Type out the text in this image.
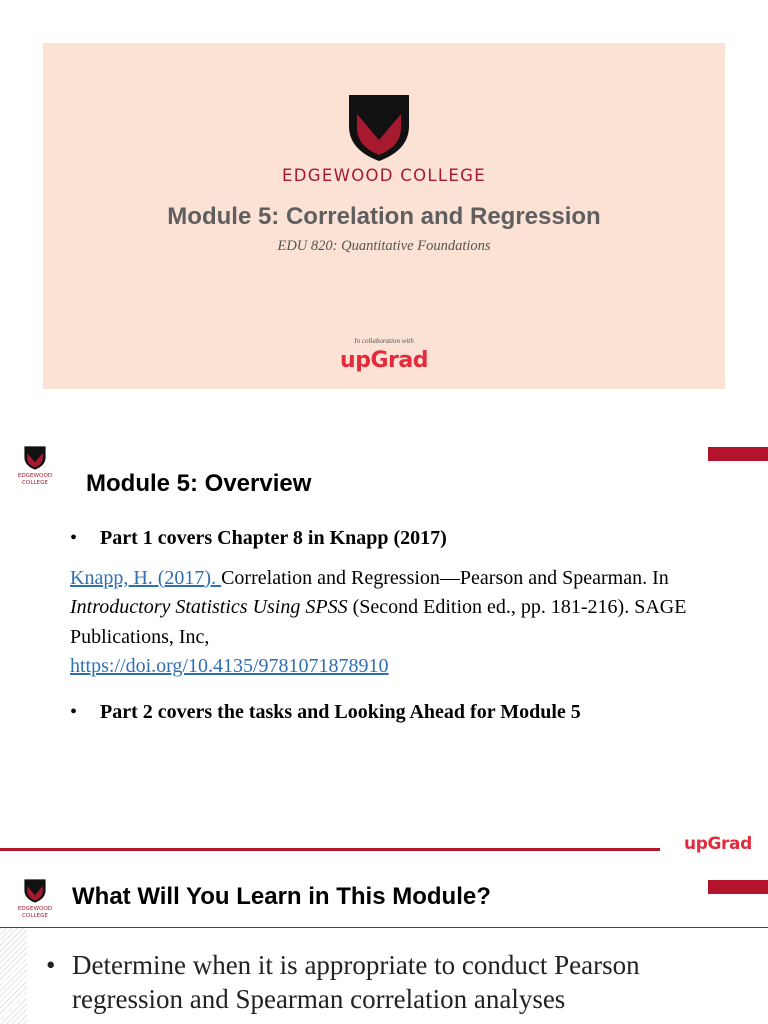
EDGEWOOD COLLEGE
Module 5: Correlation and Regression
EDU 820: Quantitative Foundations
In collaboration with
upGrad
EDGEWOOD
COLLEGE	Module 5: Overview
• Part 1 covers Chapter 8 in Knapp (2017)
Knapp, H. (2017). Correlation and Regression—Pearson and Spearman. In Introductory Statistics Using SPSS (Second Edition ed., pp. 181-216). SAGE Publications, Inc,
https://doi.org/10.4135/9781071878910
• Part 2 covers the tasks and Looking Ahead for Module 5
upGrad
EDGEWOOD
COLLEGE
What Will You Learn in This Module?
• Determine when it is appropriate to conduct Pearson regression and Spearman correlation analyses
